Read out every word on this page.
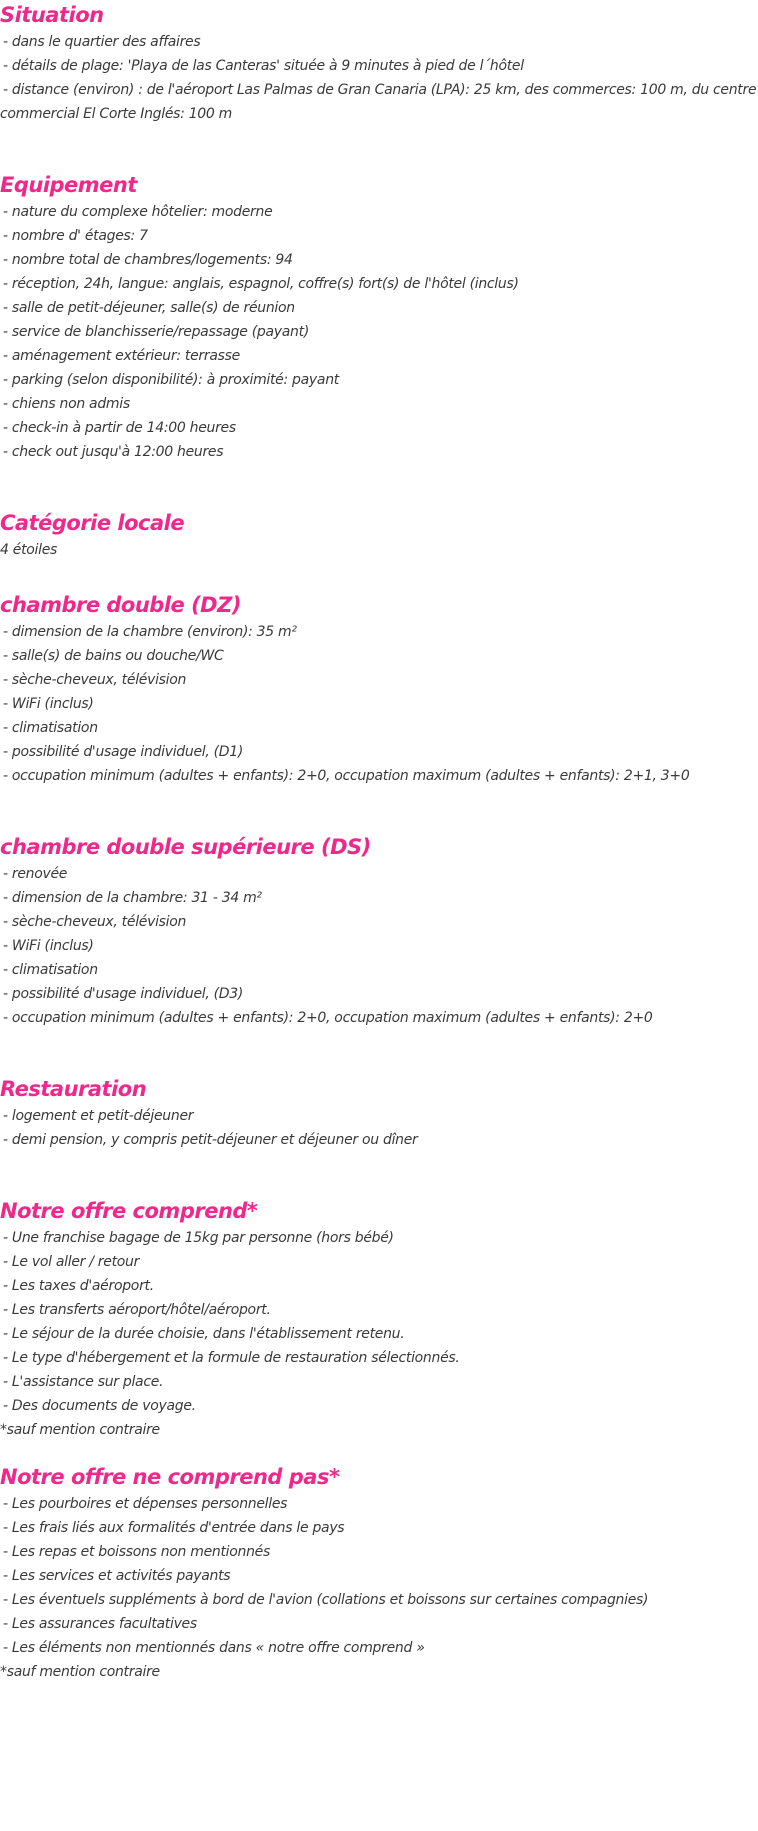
Situation
- dans le quartier des affaires
- détails de plage: 'Playa de las Canteras' située à 9 minutes à pied de l´hôtel
- distance (environ) : de l'aéroport Las Palmas de Gran Canaria (LPA): 25 km, des commerces: 100 m, du centre commercial El Corte Inglés: 100 m
Equipement
- nature du complexe hôtelier: moderne
- nombre d' étages: 7
- nombre total de chambres/logements: 94
- réception, 24h, langue: anglais, espagnol, coffre(s) fort(s) de l'hôtel (inclus)
- salle de petit-déjeuner, salle(s) de réunion
- service de blanchisserie/repassage (payant)
- aménagement extérieur: terrasse
- parking (selon disponibilité): à proximité: payant
- chiens non admis
- check-in à partir de 14:00 heures
- check out jusqu'à 12:00 heures
Catégorie locale
4 étoiles
chambre double (DZ)
- dimension de la chambre (environ): 35 m²
- salle(s) de bains ou douche/WC
- sèche-cheveux, télévision
- WiFi (inclus)
- climatisation
- possibilité d'usage individuel, (D1)
- occupation minimum (adultes + enfants): 2+0, occupation maximum (adultes + enfants): 2+1, 3+0
chambre double supérieure (DS)
- renovée
- dimension de la chambre: 31 - 34 m²
- sèche-cheveux, télévision
- WiFi (inclus)
- climatisation
- possibilité d'usage individuel, (D3)
- occupation minimum (adultes + enfants): 2+0, occupation maximum (adultes + enfants): 2+0
Restauration
- logement et petit-déjeuner
- demi pension, y compris petit-déjeuner et déjeuner ou dîner
Notre offre comprend*
- Une franchise bagage de 15kg par personne (hors bébé)
- Le vol aller / retour
- Les taxes d'aéroport.
- Les transferts aéroport/hôtel/aéroport.
- Le séjour de la durée choisie, dans l'établissement retenu.
- Le type d'hébergement et la formule de restauration sélectionnés.
- L'assistance sur place.
- Des documents de voyage.
*sauf mention contraire
Notre offre ne comprend pas*
- Les pourboires et dépenses personnelles
- Les frais liés aux formalités d'entrée dans le pays
- Les repas et boissons non mentionnés
- Les services et activités payants
- Les éventuels suppléments à bord de l'avion (collations et boissons sur certaines compagnies)
- Les assurances facultatives
- Les éléments non mentionnés dans « notre offre comprend »
*sauf mention contraire
